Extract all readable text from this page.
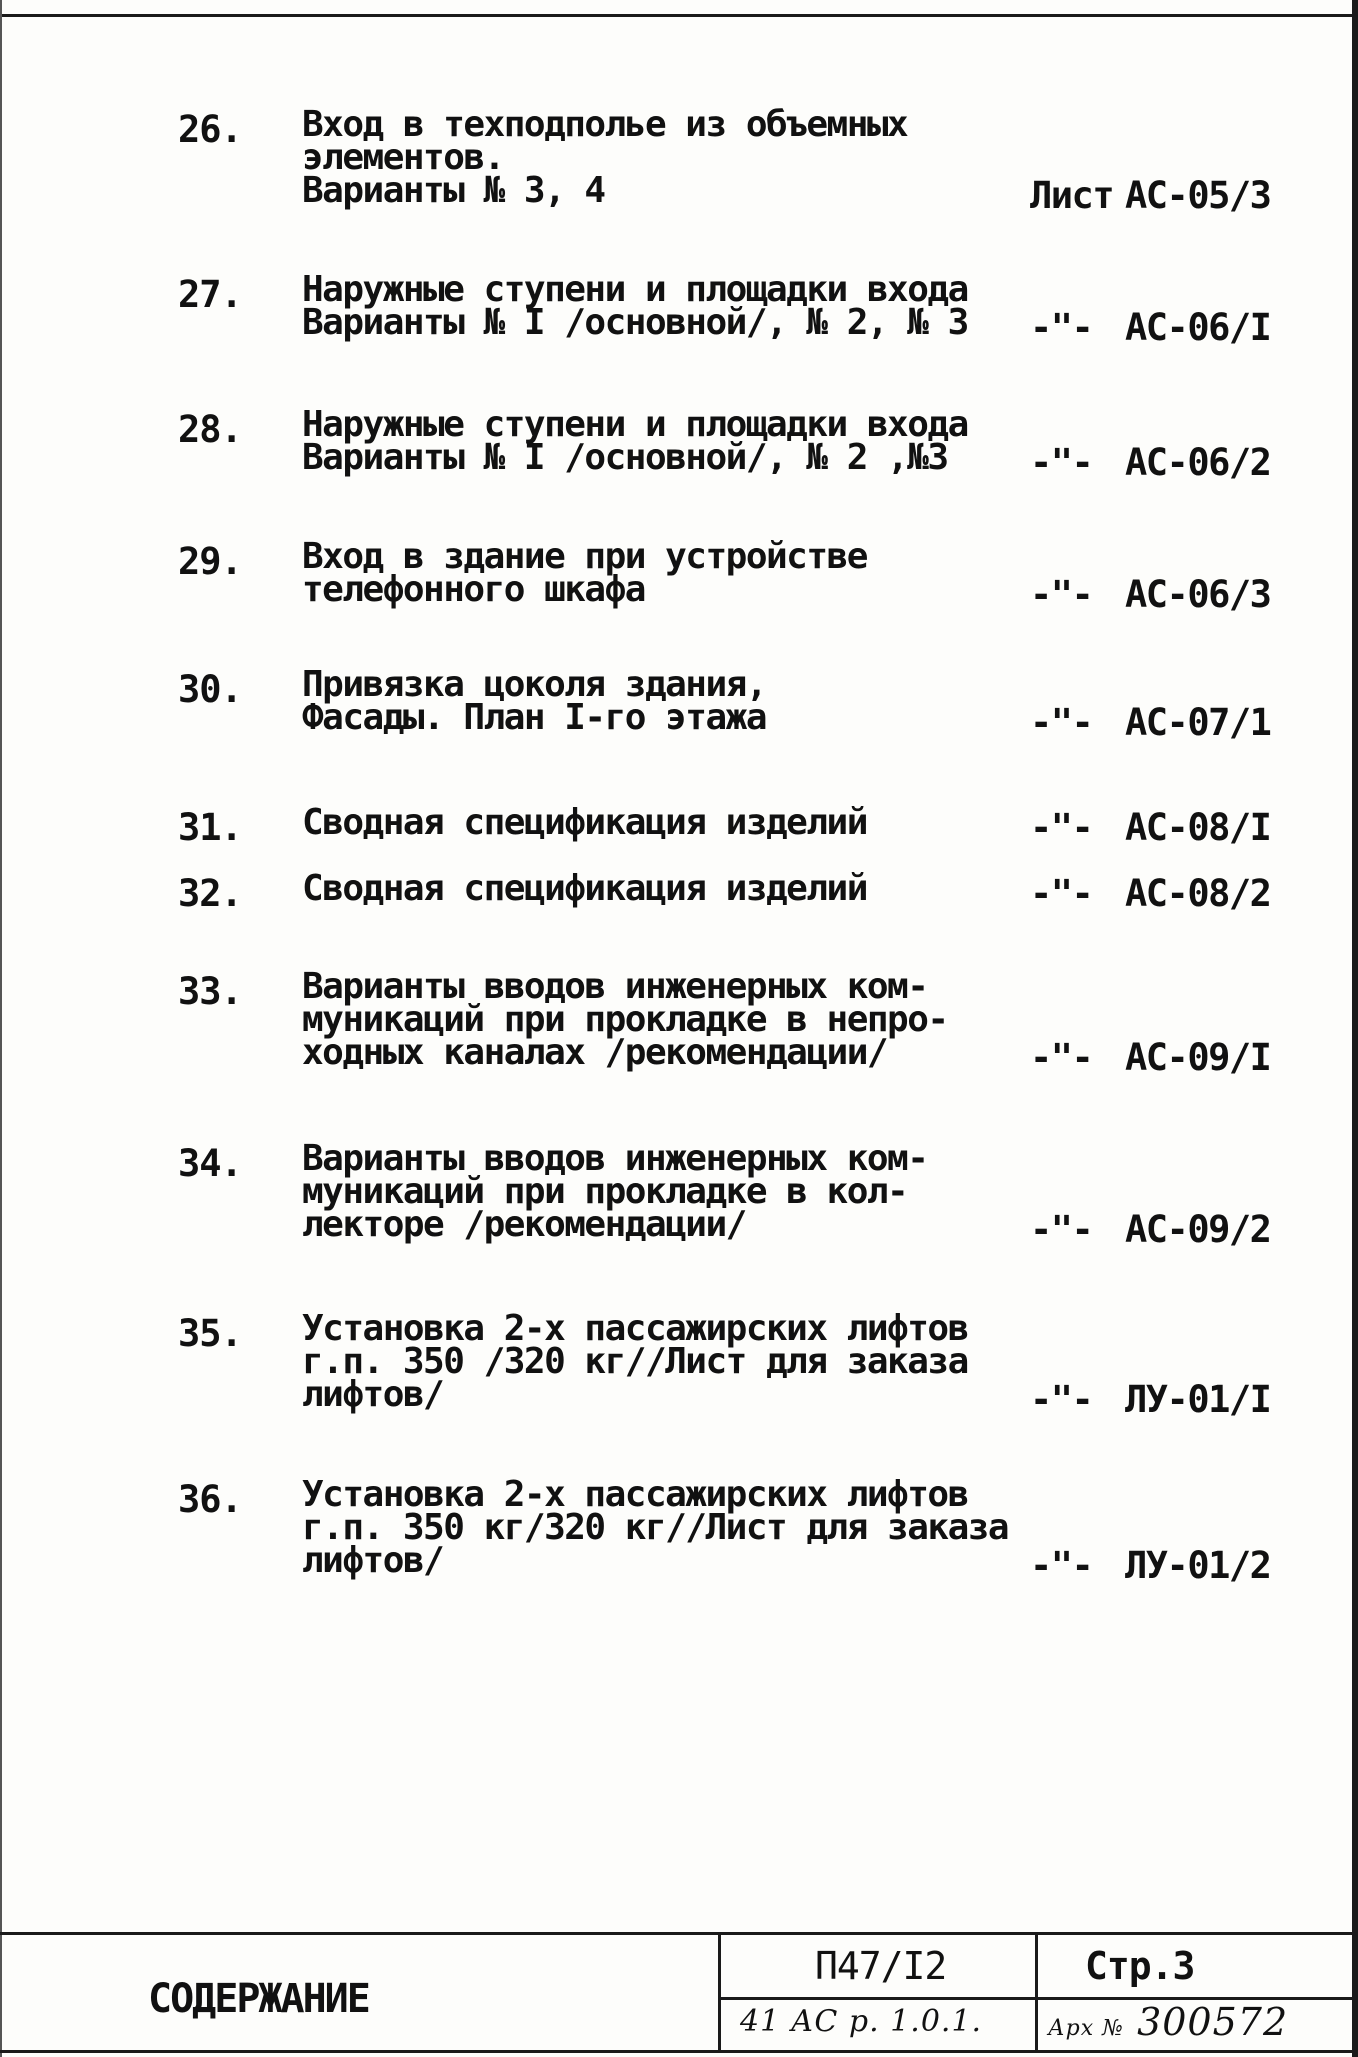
26. Вход в техподполье из объемных
элементов.
Варианты № 3, 4	Лист АС-05/3
27. Наружные ступени и площадки входа
Варианты № I /основной/, № 2, № 3	-"- АС-06/I
28. Наружные ступени и площадки входа
Варианты № I /основной/, № 2 ,№3	-"- АС-06/2
29. Вход в здание при устройстве
телефонного шкафа	-"- АС-06/3
30. Привязка цоколя здания,
Фасады. План I-го этажа	-"- АС-07/1
31. Сводная спецификация изделий	-"- АС-08/I
32. Сводная спецификация изделий	-"- АС-08/2
33. Варианты вводов инженерных ком-
муникаций при прокладке в непро-
ходных каналах /рекомендации/	-"- АС-09/I
34. Варианты вводов инженерных ком-
муникаций при прокладке в кол-
лекторе /рекомендации/	-"- АС-09/2
35. Установка 2-х пассажирских лифтов
г.п. 350 /320 кг//Лист для заказа
лифтов/	-"- ЛУ-01/I
36. Установка 2-х пассажирских лифтов
г.п. 350 кг/320 кг//Лист для заказа
лифтов/	-"- ЛУ-01/2
СОДЕРЖАНИЕ
П47/I2	Стр.3
41 АС р. 1.0.1.	Арх № 300572
